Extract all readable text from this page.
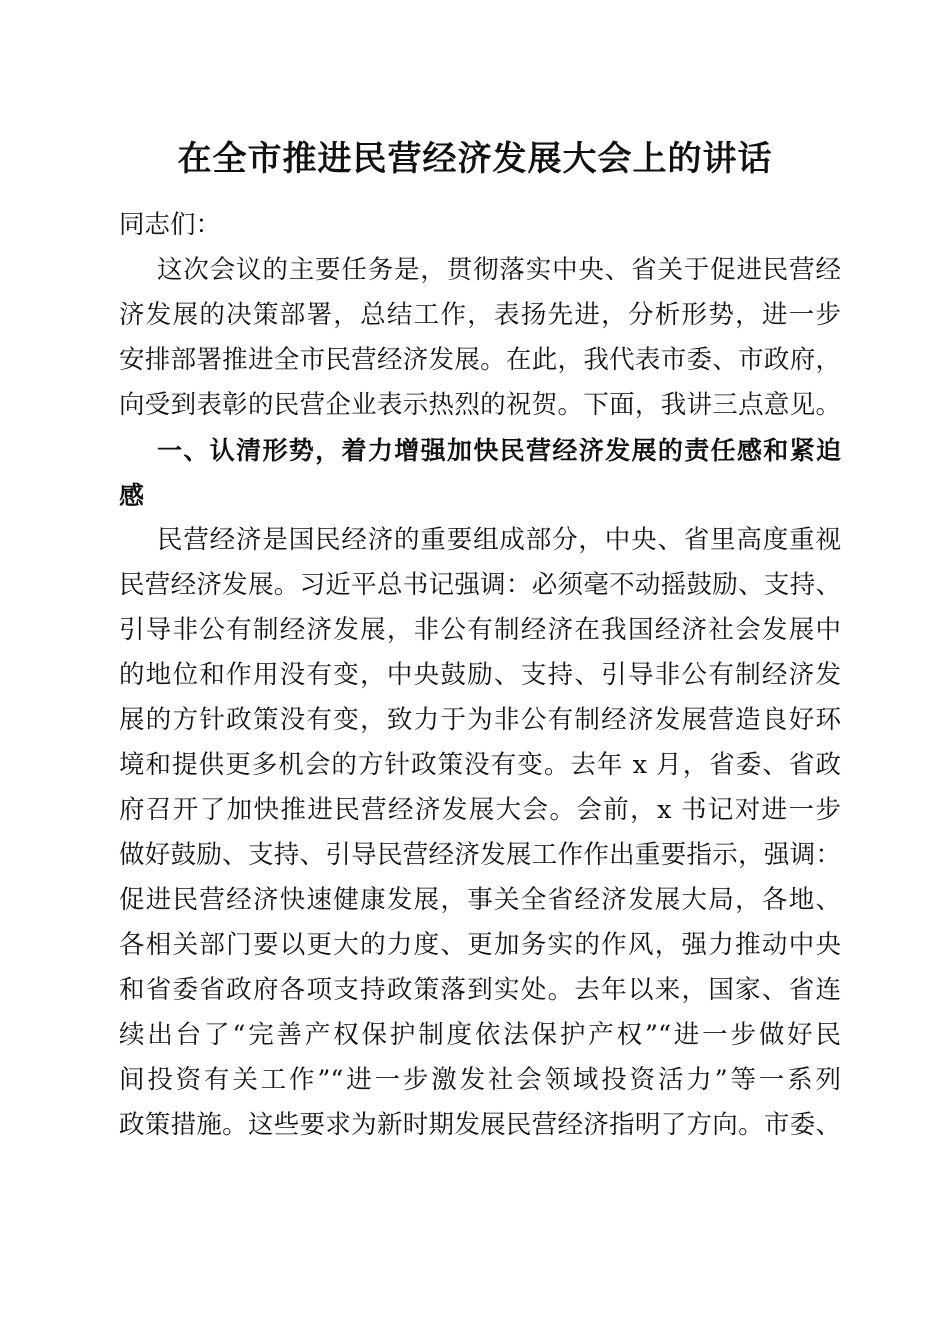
在全市推进民营经济发展大会上的讲话
同志们：
这次会议的主要任务是，贯彻落实中央、省关于促进民营经
济发展的决策部署，总结工作，表扬先进，分析形势，进一步
安排部署推进全市民营经济发展。在此，我代表市委、市政府，
向受到表彰的民营企业表示热烈的祝贺。下面，我讲三点意见。
一、认清形势，着力增强加快民营经济发展的责任感和紧迫
感
民营经济是国民经济的重要组成部分，中央、省里高度重视
民营经济发展。习近平总书记强调：必须毫不动摇鼓励、支持、
引导非公有制经济发展，非公有制经济在我国经济社会发展中
的地位和作用没有变，中央鼓励、支持、引导非公有制经济发
展的方针政策没有变，致力于为非公有制经济发展营造良好环
境和提供更多机会的方针政策没有变。去年 x 月，省委、省政
府召开了加快推进民营经济发展大会。会前，x 书记对进一步
做好鼓励、支持、引导民营经济发展工作作出重要指示，强调：
促进民营经济快速健康发展，事关全省经济发展大局，各地、
各相关部门要以更大的力度、更加务实的作风，强力推动中央
和省委省政府各项支持政策落到实处。去年以来，国家、省连
续出台了“完善产权保护制度依法保护产权”“进一步做好民
间投资有关工作”“进一步激发社会领域投资活力”等一系列
政策措施。这些要求为新时期发展民营经济指明了方向。市委、
